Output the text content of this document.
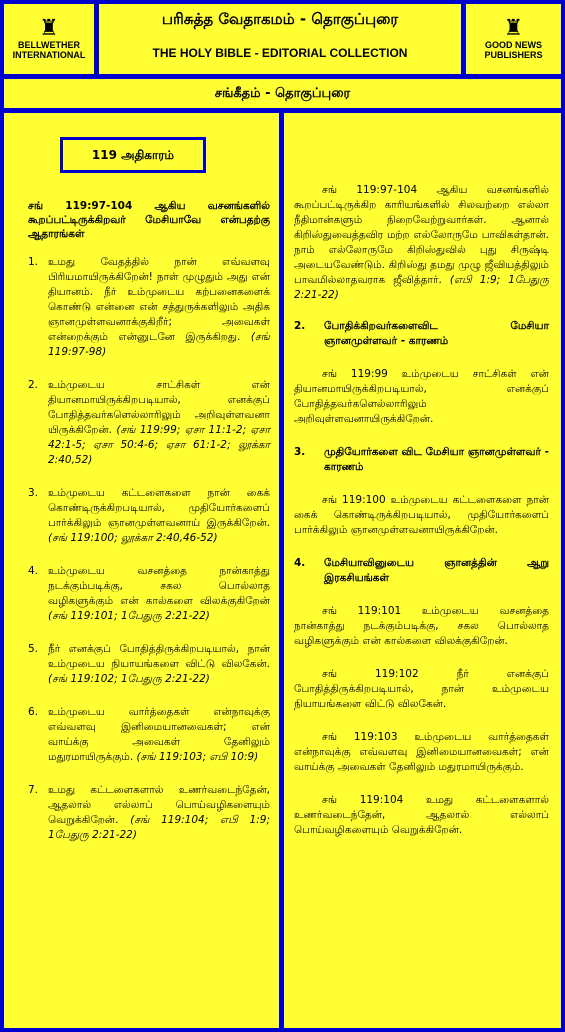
♜
BELLWETHER
INTERNATIONAL
பரிசுத்த வேதாகமம் - தொகுப்புரை
THE HOLY BIBLE - EDITORIAL COLLECTION
♜
GOOD NEWS
PUBLISHERS
சங்கீதம் - தொகுப்புரை
119 அதிகாரம்
சங் 119:97-104 ஆகிய வசனங்களில் கூறப்பட்டிருக்கிறவர் மேசியாவே என்பதற்கு ஆதாரங்கள்
1. உமது வேதத்தில் நான் எவ்வளவு பிரியமாயிருக்கிறேன்! நாள் முழுதும் அது என் தியானம். நீர் உம்முடைய கற்பனைகளைக் கொண்டு என்னை என் சத்துருக்களிலும் அதிக ஞானமுள்ளவனாக்குகிறீர்; அவைகள் என்றைக்கும் என்னுடனே இருக்கிறது. (சங் 119:97-98)
2. உம்முடைய சாட்சிகள் என் தியானமாயிருக்கிறபடியால், எனக்குப் போதித்தவர்களெல்லாரிலும் அறிவுள்ளவனா யிருக்கிறேன். (சங் 119:99; ஏசா 11:1-2; ஏசா 42:1-5; ஏசா 50:4-6; ஏசா 61:1-2; லூக்கா 2:40,52)
3. உம்முடைய கட்டளைகளை நான் கைக் கொண்டிருக்கிறபடியால், முதியோர்களைப் பார்க்கிலும் ஞானமுள்ளவனாய் இருக்கிறேன். (சங் 119:100; லூக்கா 2:40,46-52)
4. உம்முடைய வசனத்தை நான்காத்து நடக்கும்படிக்கு, சகல பொல்லாத வழிகளுக்கும் என் கால்களை விலக்குகிறேன் (சங் 119:101; 1பேதுரு 2:21-22)
5. நீர் எனக்குப் போதித்திருக்கிறபடியால், நான் உம்முடைய நியாயங்களை விட்டு விலகேன். (சங் 119:102; 1பேதுரு 2:21-22)
6. உம்முடைய வார்த்தைகள் என்நாவுக்கு எவ்வளவு இனிமையானவைகள்; என் வாய்க்கு அவைகள் தேனிலும் மதுரமாயிருக்கும். (சங் 119:103; எபி 10:9)
7. உமது கட்டளைகளால் உணர்வடைந்தேன், ஆதலால் எல்லாப் பொய்வழிகளையும் வெறுக்கிறேன். (சங் 119:104; எபி 1:9; 1பேதுரு 2:21-22)

சங் 119:97-104 ஆகிய வசனங்களில் கூறப்பட்டிருக்கிற காரியங்களில் சிலவற்றை எல்லா நீதிமான்களும் நிறைவேற்றுவார்கள். ஆனால் கிறிஸ்துவைத்தவிர மற்ற எல்லோருமே பாவிகள்தான். நாம் எல்லோருமே கிறிஸ்துவில் புது சிருஷ்டி அடையவேண்டும். கிறிஸ்து தமது முழு ஜீவியத்திலும் பாவமில்லாதவராக ஜீவித்தார். (எபி 1:9; 1பேதுரு 2:21-22)

2.	போதிக்கிறவர்களைவிட மேசியா ஞானமுள்ளவர் - காரணம்

சங் 119:99 உம்முடைய சாட்சிகள் என் தியானமாயிருக்கிறபடியால், எனக்குப் போதித்தவர்களெல்லாரிலும் அறிவுள்ளவனாயிருக்கிறேன்.

3.	முதியோர்களை விட மேசியா ஞானமுள்ளவர் - காரணம்

சங் 119:100 உம்முடைய கட்டளைகளை நான் கைக் கொண்டிருக்கிறபடியால், முதியோர்களைப் பார்க்கிலும் ஞானமுள்ளவனாயிருக்கிறேன்.

4.	மேசியாவினுடைய ஞானத்தின் ஆறு இரகசியங்கள்

சங் 119:101 உம்முடைய வசனத்தை நான்காத்து நடக்கும்படிக்கு, சகல பொல்லாத வழிகளுக்கும் என் கால்களை விலக்குகிறேன்.

சங் 119:102 நீர் எனக்குப் போதித்திருக்கிறபடியால், நான் உம்முடைய நியாயங்களை விட்டு விலகேன்.

சங் 119:103 உம்முடைய வார்த்தைகள் என்நாவுக்கு எவ்வளவு இனிமையானவைகள்; என் வாய்க்கு அவைகள் தேனிலும் மதுரமாயிருக்கும்.

சங் 119:104 உமது கட்டளைகளால் உணர்வடைந்தேன், ஆதலால் எல்லாப் பொய்வழிகளையும் வெறுக்கிறேன்.
